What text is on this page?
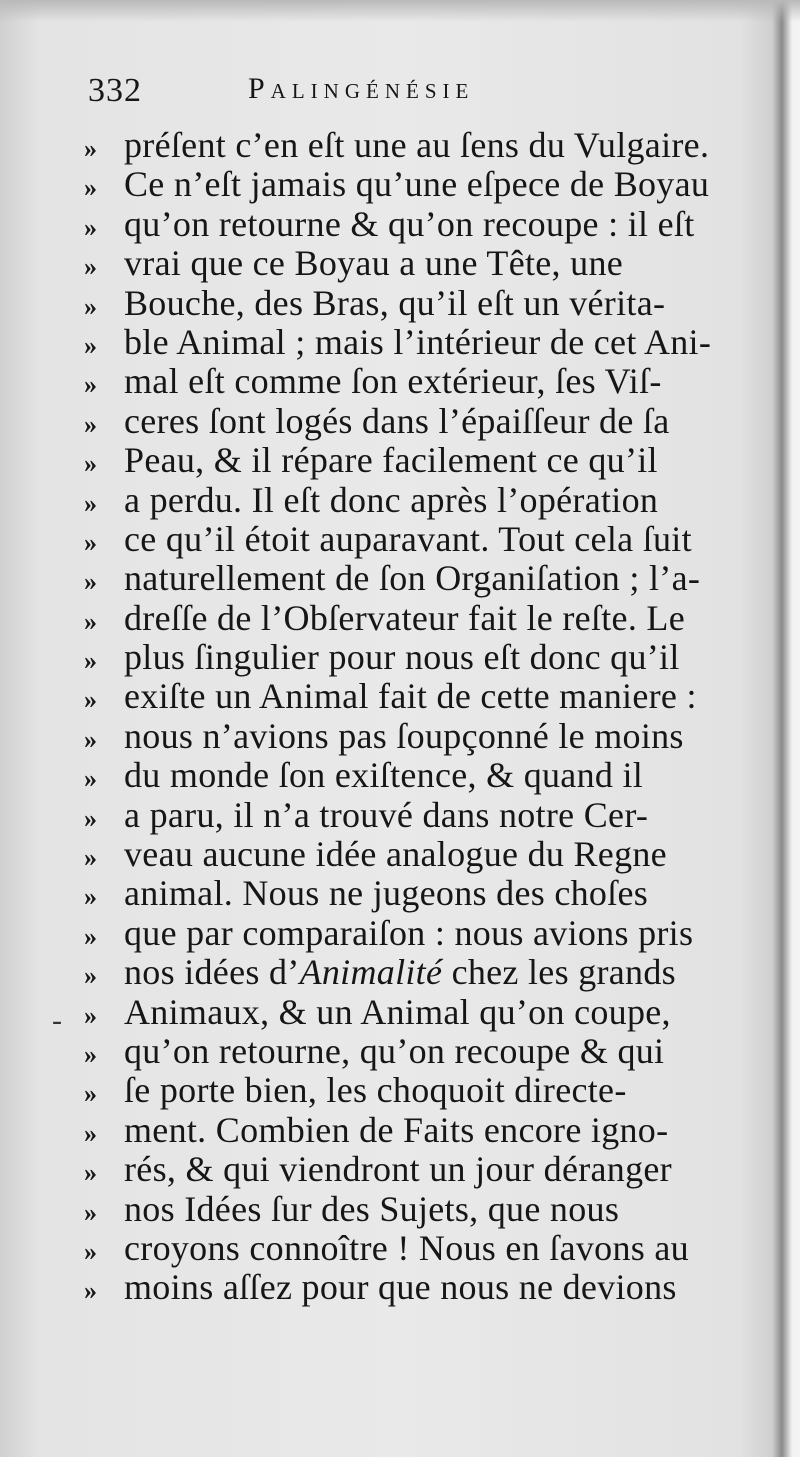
332	Palingénésie
-
» préſent c’en eſt une au ſens du Vulgaire.
» Ce n’eſt jamais qu’une eſpece de Boyau
» qu’on retourne & qu’on recoupe : il eſt
» vrai que ce Boyau a une Tête, une
» Bouche, des Bras, qu’il eſt un vérita-
» ble Animal ; mais l’intérieur de cet Ani-
» mal eſt comme ſon extérieur, ſes Viſ-
» ceres ſont logés dans l’épaiſſeur de ſa
» Peau, & il répare facilement ce qu’il
» a perdu. Il eſt donc après l’opération
» ce qu’il étoit auparavant. Tout cela ſuit
» naturellement de ſon Organiſation ; l’a-
» dreſſe de l’Obſervateur fait le reſte. Le
» plus ſingulier pour nous eſt donc qu’il
» exiſte un Animal fait de cette maniere :
» nous n’avions pas ſoupçonné le moins
» du monde ſon exiſtence, & quand il
» a paru, il n’a trouvé dans notre Cer-
» veau aucune idée analogue du Regne
» animal. Nous ne jugeons des choſes
» que par comparaiſon : nous avions pris
» nos idées d’Animalité chez les grands
» Animaux, & un Animal qu’on coupe,
» qu’on retourne, qu’on recoupe & qui
» ſe porte bien, les choquoit directe-
» ment. Combien de Faits encore igno-
» rés, & qui viendront un jour déranger
» nos Idées ſur des Sujets, que nous
» croyons connoître ! Nous en ſavons au
» moins aſſez pour que nous ne devions
